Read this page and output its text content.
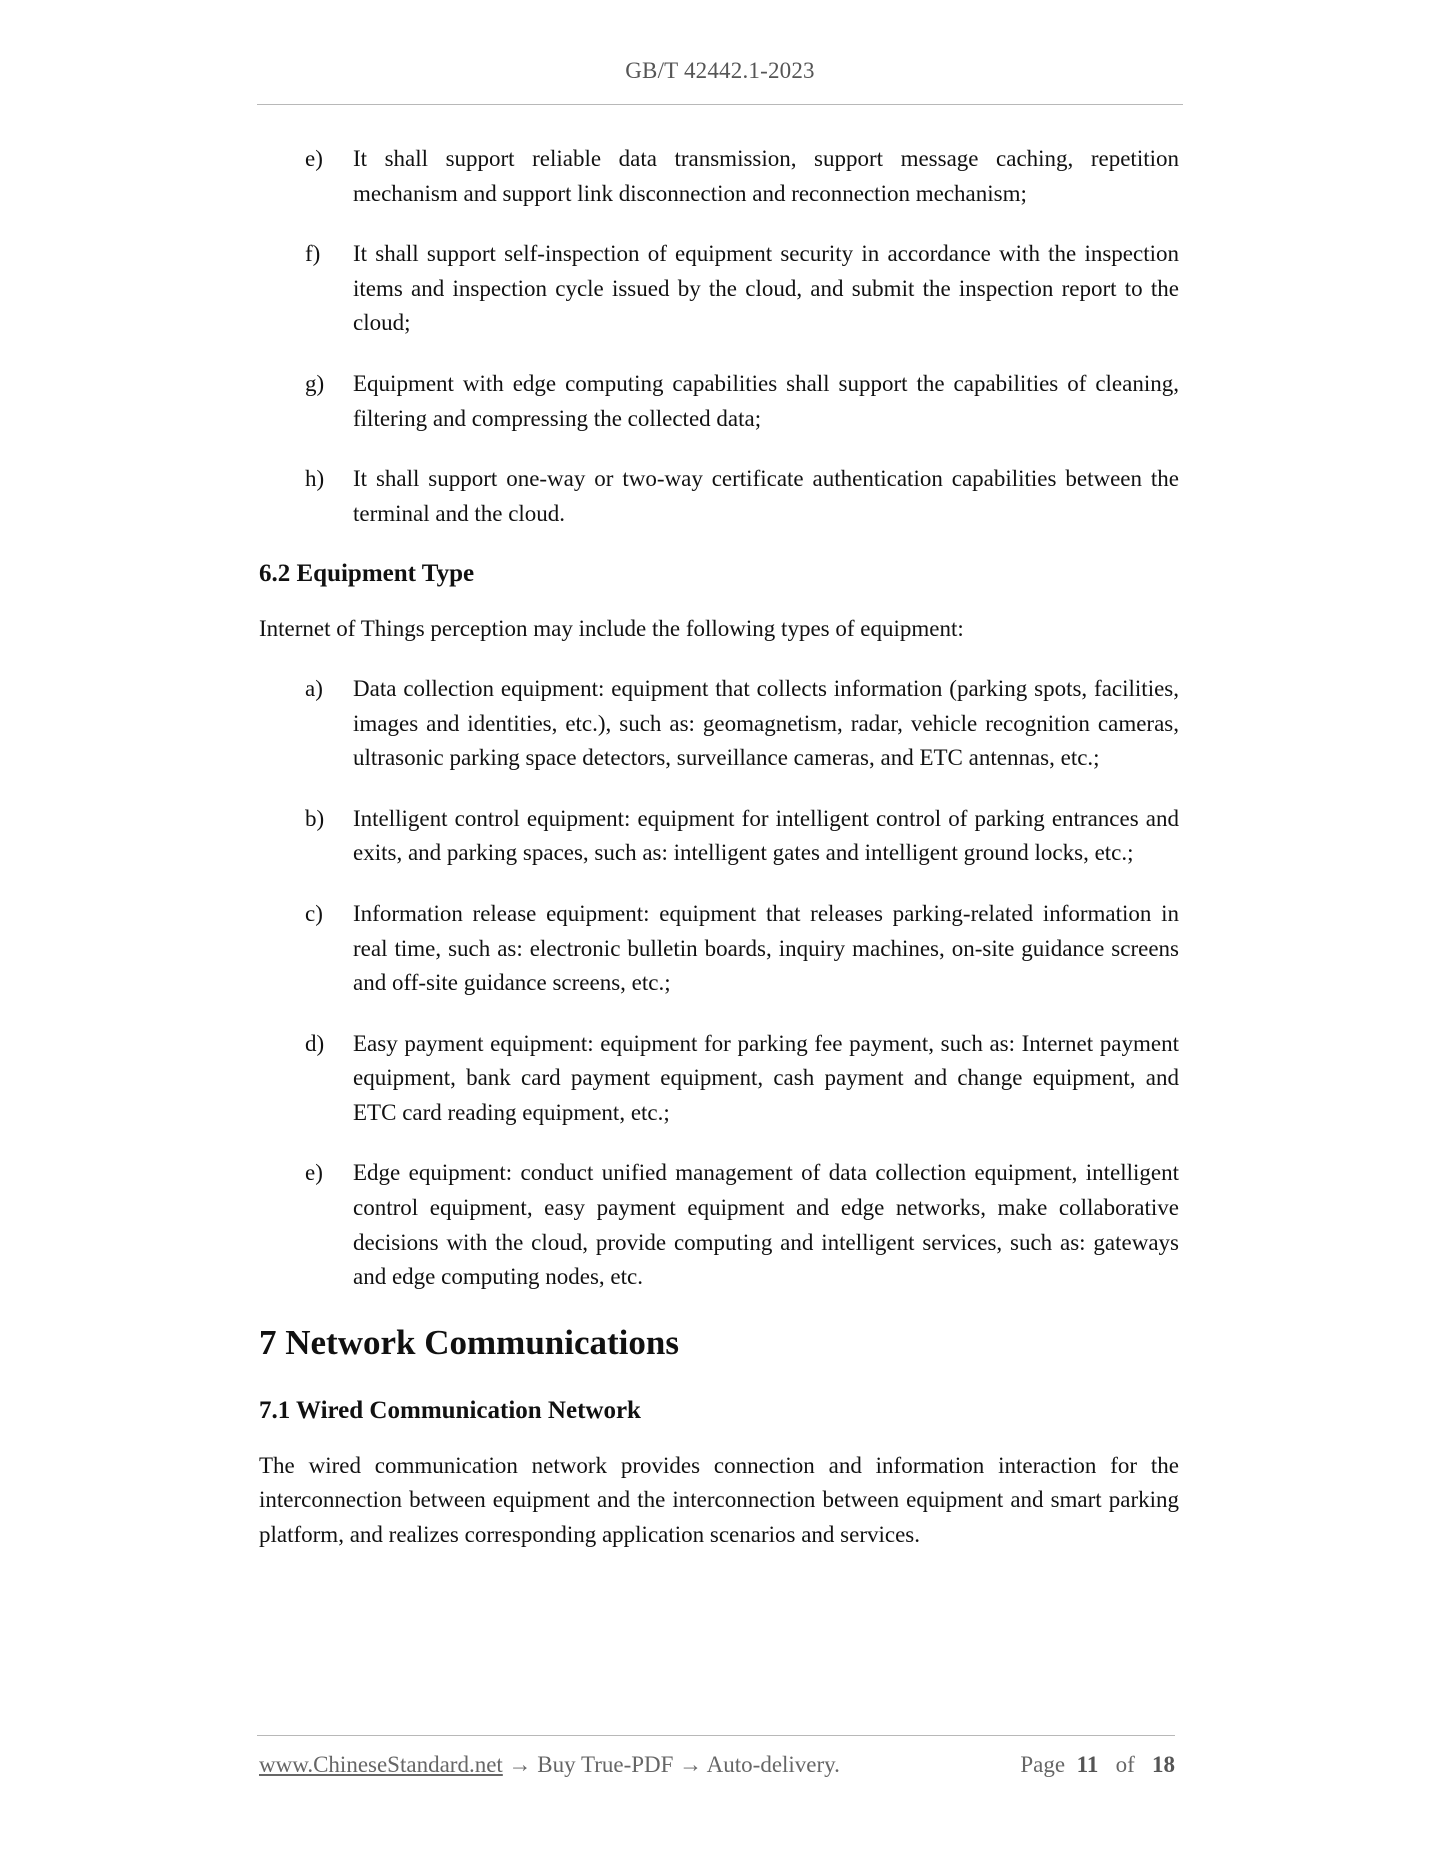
GB/T 42442.1-2023
e)	It shall support reliable data transmission, support message caching, repetition mechanism and support link disconnection and reconnection mechanism;
f)	It shall support self-inspection of equipment security in accordance with the inspection items and inspection cycle issued by the cloud, and submit the inspection report to the cloud;
g)	Equipment with edge computing capabilities shall support the capabilities of cleaning, filtering and compressing the collected data;
h)	It shall support one-way or two-way certificate authentication capabilities between the terminal and the cloud.
6.2 Equipment Type
Internet of Things perception may include the following types of equipment:
a)	Data collection equipment: equipment that collects information (parking spots, facilities, images and identities, etc.), such as: geomagnetism, radar, vehicle recognition cameras, ultrasonic parking space detectors, surveillance cameras, and ETC antennas, etc.;
b)	Intelligent control equipment: equipment for intelligent control of parking entrances and exits, and parking spaces, such as: intelligent gates and intelligent ground locks, etc.;
c)	Information release equipment: equipment that releases parking-related information in real time, such as: electronic bulletin boards, inquiry machines, on-site guidance screens and off-site guidance screens, etc.;
d)	Easy payment equipment: equipment for parking fee payment, such as: Internet payment equipment, bank card payment equipment, cash payment and change equipment, and ETC card reading equipment, etc.;
e)	Edge equipment: conduct unified management of data collection equipment, intelligent control equipment, easy payment equipment and edge networks, make collaborative decisions with the cloud, provide computing and intelligent services, such as: gateways and edge computing nodes, etc.
7 Network Communications
7.1 Wired Communication Network
The wired communication network provides connection and information interaction for the interconnection between equipment and the interconnection between equipment and smart parking platform, and realizes corresponding application scenarios and services.
www.ChineseStandard.net → Buy True-PDF → Auto-delivery.	Page 11 of 18
